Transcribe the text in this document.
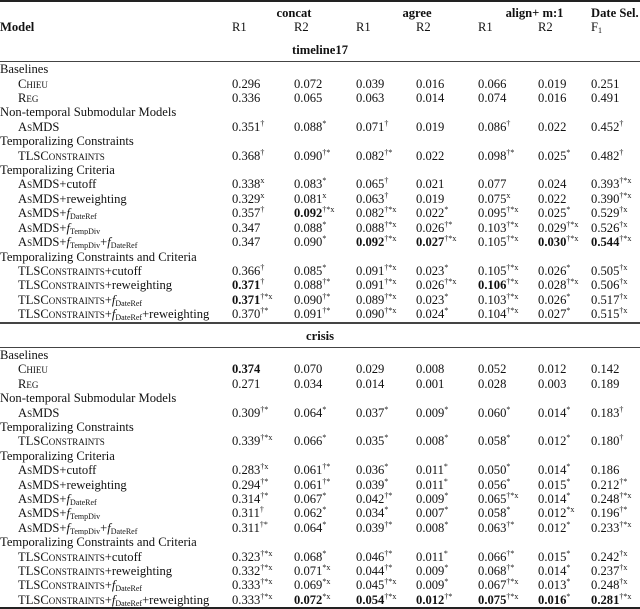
	concat		agree		align+ m:1		Date Sel.
Model	R1	R2	R1	R2	R1	R2	$F_1$
timeline17							

Baselines							
Chieu	0.296	0.072	0.039	0.016	0.066	0.019	0.251
Reg	0.336	0.065	0.063	0.014	0.074	0.016	0.491
Non-temporal Submodular Models							
AsMDS	0.351†	0.088*	0.071†	0.019	0.086†	0.022	0.452†
Temporalizing Constraints							
TLSConstraints	0.368†	0.090†*	0.082†*	0.022	0.098†*	0.025*	0.482†
Temporalizing Criteria							
AsMDS+cutoff	0.338$^x$	0.083*	0.065†	0.021	0.077	0.024	0.393$^{\dagger*x}$
AsMDS+reweighting	0.329$^x$	0.081$^x$	0.063†	0.019	0.075$^x$	0.022	0.390$^{\dagger*x}$
$AsMDS+f_{DateRef}$	0.357†	0.092$^{\dagger*x}$	0.082$^{\dagger*x}$	0.022*	0.095$^{\dagger*x}$	0.025*	0.529$^{\dagger x}$
$AsMDS+f_{TempDiv}$	0.347	0.088*	0.088$^{\dagger*x}$	0.026†*	0.103$^{\dagger*x}$	0.029$^{\dagger*x}$	0.526$^{\dagger x}$
$AsMDS+f_{TempDiv}+f_{DateRef}$	0.347	0.090*	0.092$^{\dagger*x}$	0.027$^{\dagger*x}$	0.105$^{\dagger*x}$	0.030$^{\dagger*x}$	0.544$^{\dagger*x}$
Temporalizing Constraints and Criteria							
TLSConstraints+cutoff	0.366†	0.085*	0.091$^{\dagger*x}$	0.023*	0.105$^{\dagger*x}$	0.026*	0.505$^{\dagger x}$
TLSConstraints+reweighting	0.371†	0.088†*	0.091$^{\dagger*x}$	0.026$^{\dagger*x}$	0.106$^{\dagger*x}$	0.028$^{\dagger*x}$	0.506$^{\dagger x}$
$TLSConstraints+f_{DateRef}$	0.371$^{\dagger*x}$	0.090†*	0.089$^{\dagger*x}$	0.023*	0.103$^{\dagger*x}$	0.026*	0.517$^{\dagger x}$
$TLSConstraints+f_{DateRef}+reweighting$	0.370†*	0.091†*	0.090$^{\dagger*x}$	0.024*	0.104$^{\dagger*x}$	0.027*	0.515$^{\dagger x}$
crisis							

Baselines							
Chieu	0.374	0.070	0.029	0.008	0.052	0.012	0.142
Reg	0.271	0.034	0.014	0.001	0.028	0.003	0.189
Non-temporal Submodular Models							
AsMDS	0.309†*	0.064*	0.037*	0.009*	0.060*	0.014*	0.183†
Temporalizing Constraints							
TLSConstraints	0.339$^{\dagger*x}$	0.066*	0.035*	0.008*	0.058*	0.012*	0.180†
Temporalizing Criteria							
AsMDS+cutoff	0.283$^{\dagger x}$	0.061†*	0.036*	0.011*	0.050*	0.014*	0.186
AsMDS+reweighting	0.294†*	0.061†*	0.039*	0.011*	0.056*	0.015*	0.212†*
$AsMDS+f_{DateRef}$	0.314†*	0.067*	0.042†*	0.009*	0.065$^{\dagger*x}$	0.014*	0.248$^{\dagger*x}$
$AsMDS+f_{TempDiv}$	0.311†	0.062*	0.034*	0.007*	0.058*	0.012$^{*x}$	0.196†*
$AsMDS+f_{TempDiv}+f_{DateRef}$	0.311†*	0.064*	0.039†*	0.008*	0.063†*	0.012*	0.233$^{\dagger*x}$
Temporalizing Constraints and Criteria							
TLSConstraints+cutoff	0.323$^{\dagger*x}$	0.068*	0.046†*	0.011*	0.066†*	0.015*	0.242$^{\dagger x}$
TLSConstraints+reweighting	0.332$^{\dagger*x}$	0.071$^{*x}$	0.044†*	0.009*	0.068†*	0.014*	0.237$^{\dagger x}$
$TLSConstraints+f_{DateRef}$	0.333$^{\dagger*x}$	0.069$^{*x}$	0.045$^{\dagger*x}$	0.009*	0.067$^{\dagger*x}$	0.013*	0.248$^{\dagger x}$
$TLSConstraints+f_{DateRef}+reweighting$	0.333$^{\dagger*x}$	0.072$^{*x}$	0.054$^{\dagger*x}$	0.012†*	0.075$^{\dagger*x}$	0.016*	0.281$^{\dagger*x}$
